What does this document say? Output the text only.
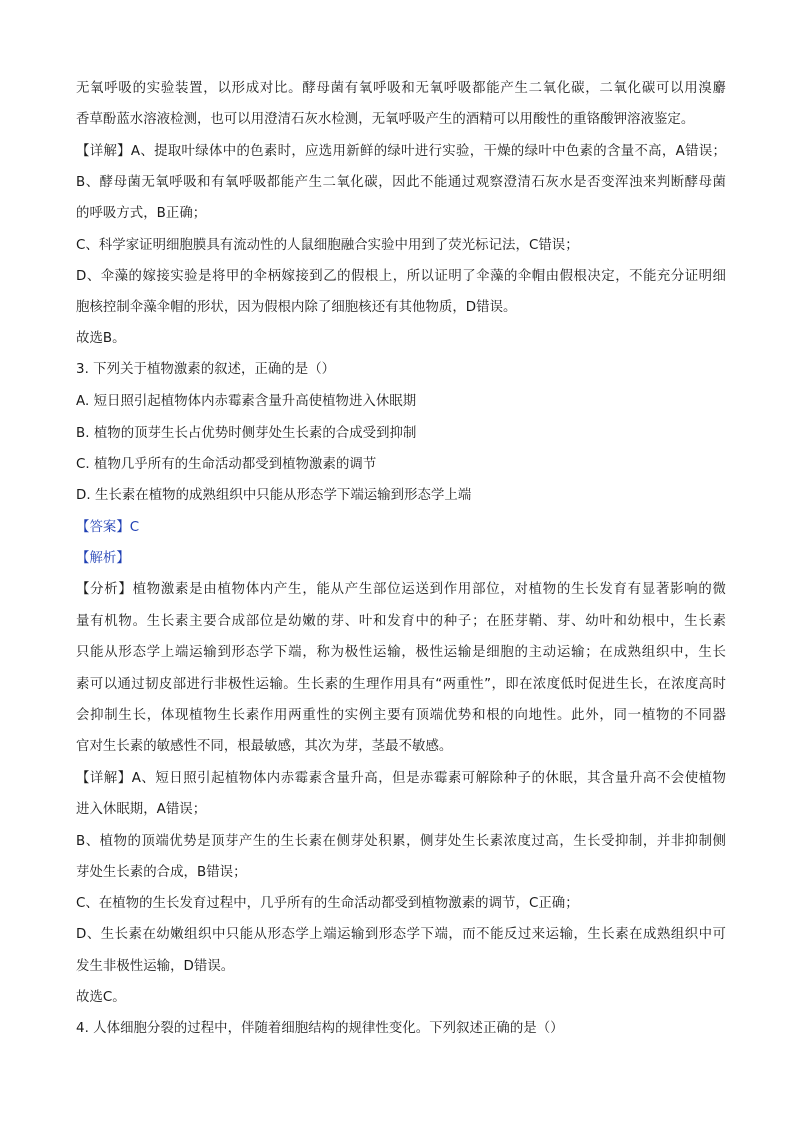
无氧呼吸的实验装置，以形成对比。酵母菌有氧呼吸和无氧呼吸都能产生二氧化碳，二氧化碳可以用溴麝
香草酚蓝水溶液检测，也可以用澄清石灰水检测，无氧呼吸产生的酒精可以用酸性的重铬酸钾溶液鉴定。
【详解】A、提取叶绿体中的色素时，应选用新鲜的绿叶进行实验，干燥的绿叶中色素的含量不高，A错误；
B、酵母菌无氧呼吸和有氧呼吸都能产生二氧化碳，因此不能通过观察澄清石灰水是否变浑浊来判断酵母菌
的呼吸方式，B正确；
C、科学家证明细胞膜具有流动性的人鼠细胞融合实验中用到了荧光标记法，C错误；
D、伞藻的嫁接实验是将甲的伞柄嫁接到乙的假根上，所以证明了伞藻的伞帽由假根决定，不能充分证明细
胞核控制伞藻伞帽的形状，因为假根内除了细胞核还有其他物质，D错误。
故选B。
3. 下列关于植物激素的叙述，正确的是（）
A. 短日照引起植物体内赤霉素含量升高使植物进入休眠期
B. 植物的顶芽生长占优势时侧芽处生长素的合成受到抑制
C. 植物几乎所有的生命活动都受到植物激素的调节
D. 生长素在植物的成熟组织中只能从形态学下端运输到形态学上端
【答案】C
【解析】
【分析】植物激素是由植物体内产生，能从产生部位运送到作用部位，对植物的生长发育有显著影响的微
量有机物。生长素主要合成部位是幼嫩的芽、叶和发育中的种子；在胚芽鞘、芽、幼叶和幼根中，生长素
只能从形态学上端运输到形态学下端，称为极性运输，极性运输是细胞的主动运输；在成熟组织中，生长
素可以通过韧皮部进行非极性运输。生长素的生理作用具有“两重性”，即在浓度低时促进生长，在浓度高时
会抑制生长，体现植物生长素作用两重性的实例主要有顶端优势和根的向地性。此外，同一植物的不同器
官对生长素的敏感性不同，根最敏感，其次为芽，茎最不敏感。
【详解】A、短日照引起植物体内赤霉素含量升高，但是赤霉素可解除种子的休眠，其含量升高不会使植物
进入休眠期，A错误；
B、植物的顶端优势是顶芽产生的生长素在侧芽处积累，侧芽处生长素浓度过高，生长受抑制，并非抑制侧
芽处生长素的合成，B错误；
C、在植物的生长发育过程中，几乎所有的生命活动都受到植物激素的调节，C正确；
D、生长素在幼嫩组织中只能从形态学上端运输到形态学下端，而不能反过来运输，生长素在成熟组织中可
发生非极性运输，D错误。
故选C。
4. 人体细胞分裂的过程中，伴随着细胞结构的规律性变化。下列叙述正确的是（）
